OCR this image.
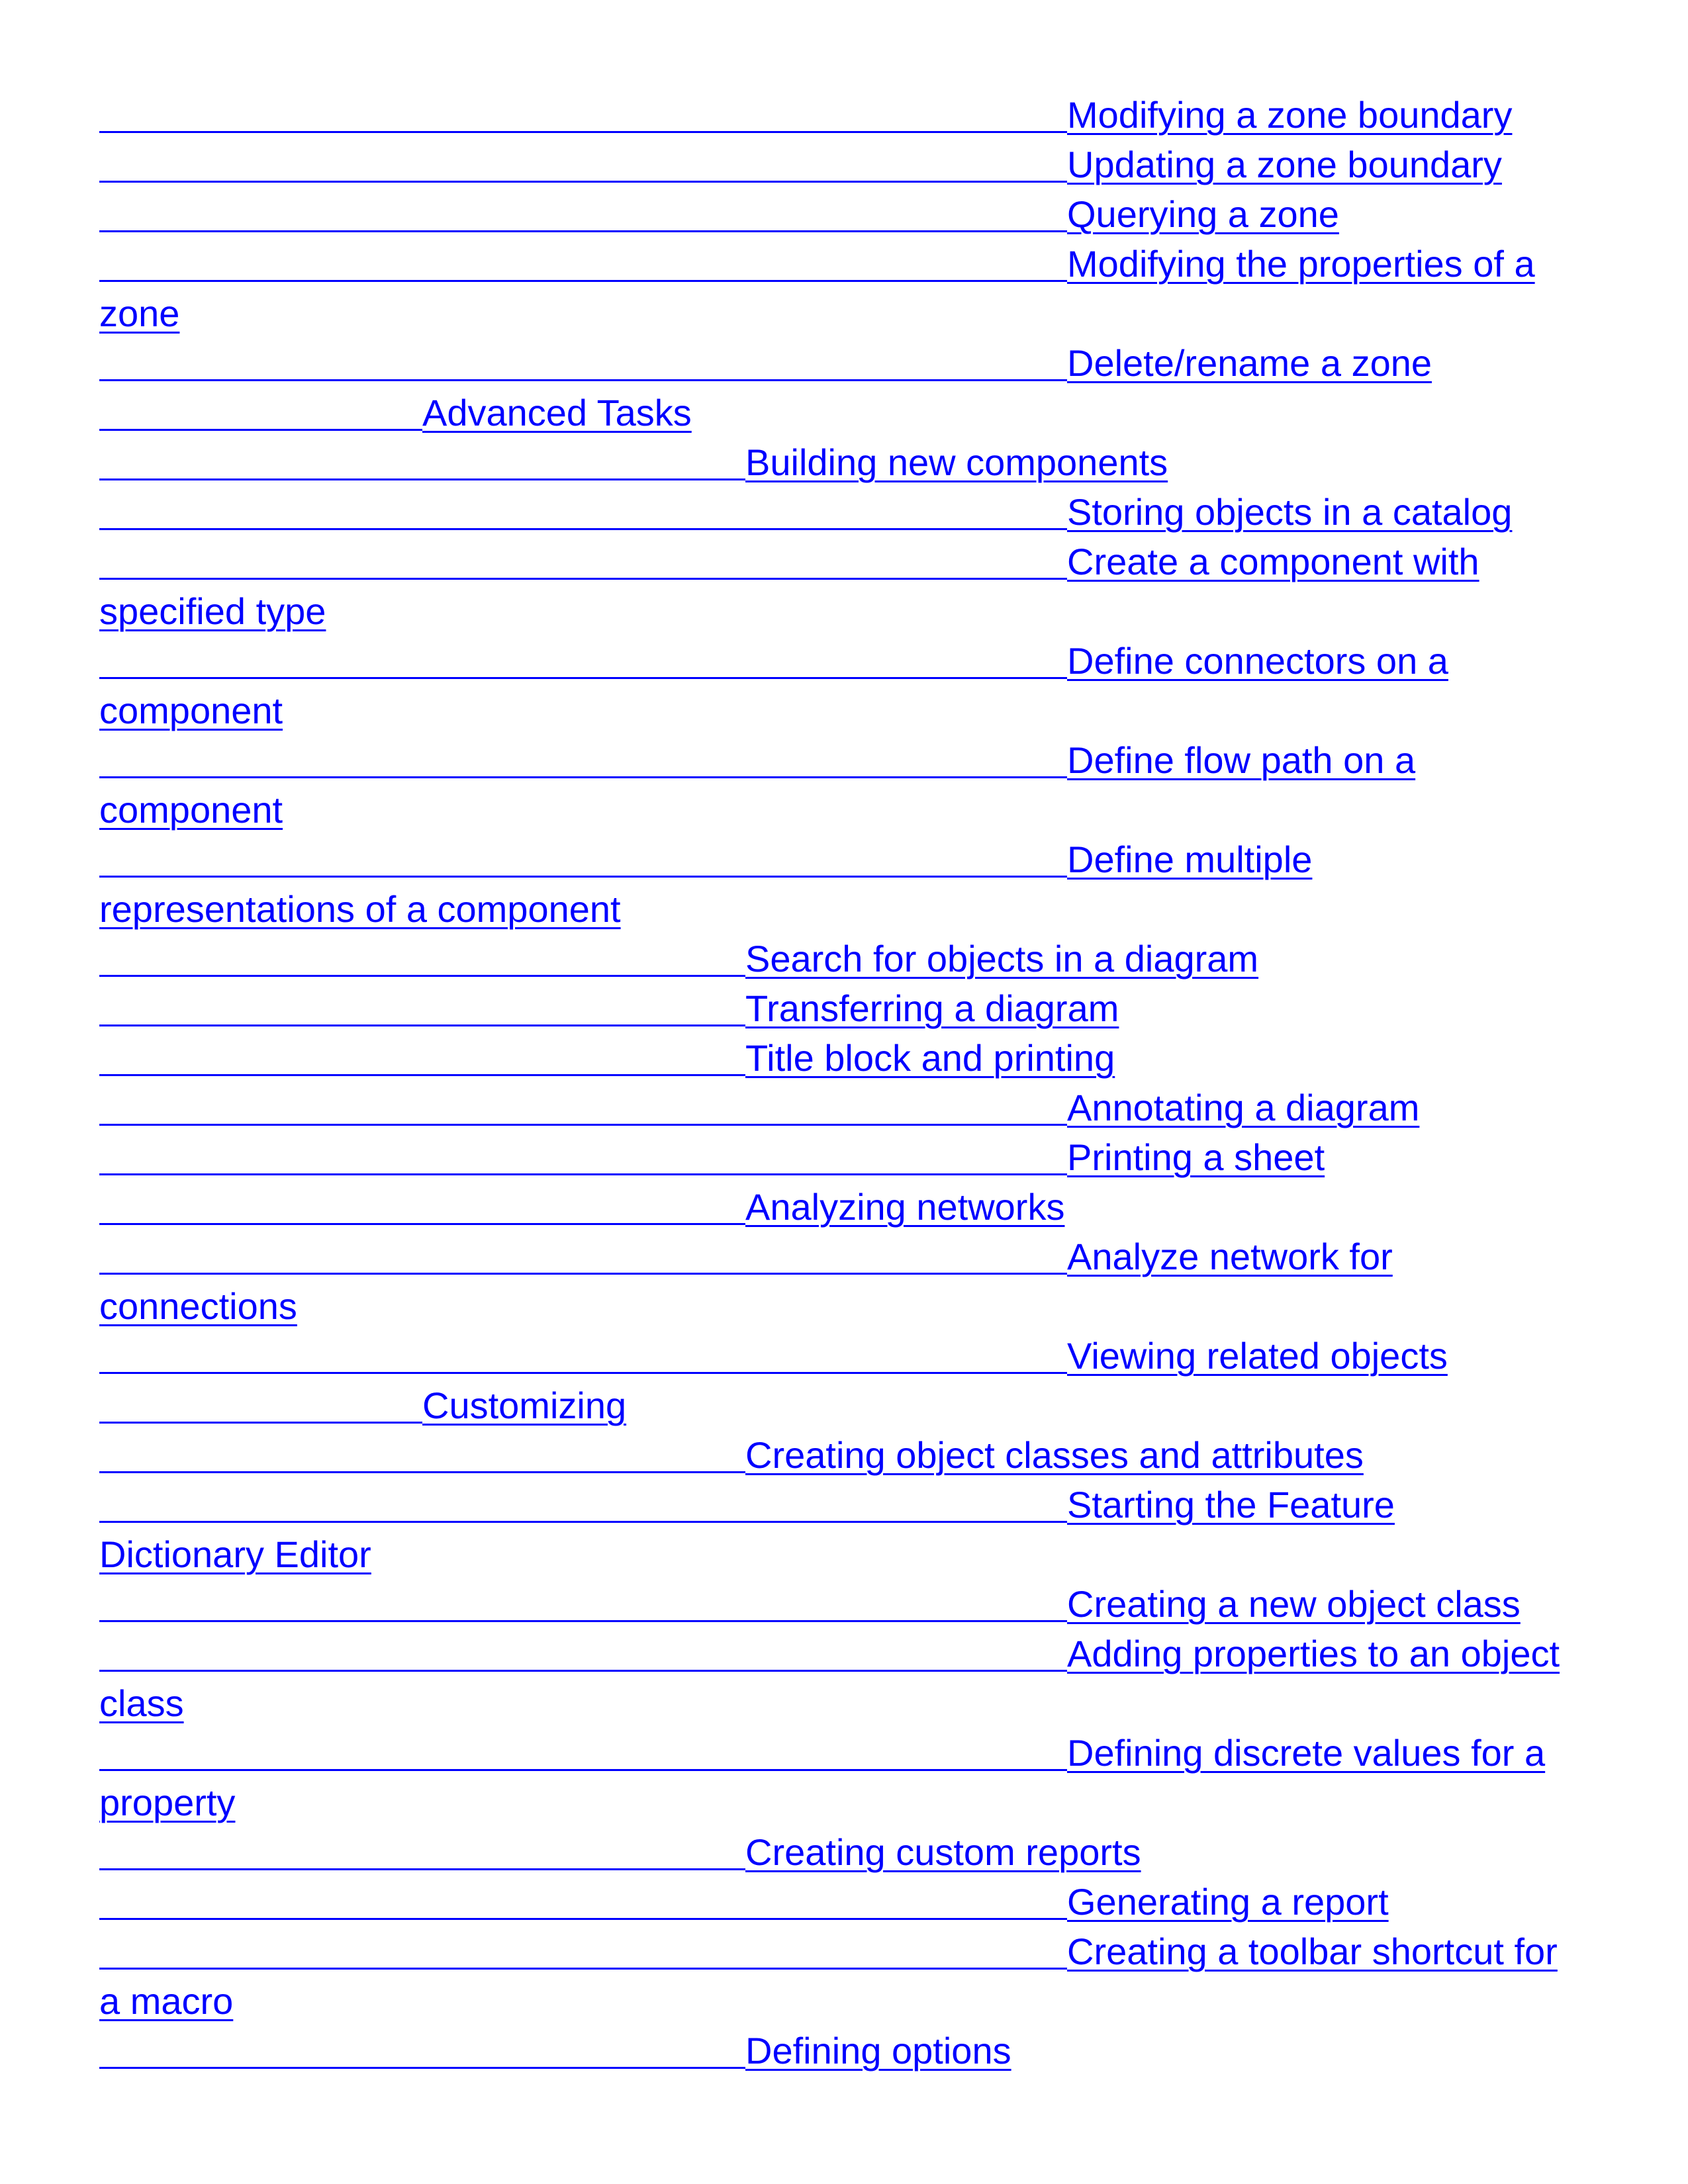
Modifying a zone boundary
Updating a zone boundary
Querying a zone
Modifying the properties of a
zone
Delete/rename a zone
Advanced Tasks
Building new components
Storing objects in a catalog
Create a component with
specified type
Define connectors on a
component
Define flow path on a
component
Define multiple
representations of a component
Search for objects in a diagram
Transferring a diagram
Title block and printing
Annotating a diagram
Printing a sheet
Analyzing networks
Analyze network for
connections
Viewing related objects
Customizing
Creating object classes and attributes
Starting the Feature
Dictionary Editor
Creating a new object class
Adding properties to an object
class
Defining discrete values for a
property
Creating custom reports
Generating a report
Creating a toolbar shortcut for
a macro
Defining options
